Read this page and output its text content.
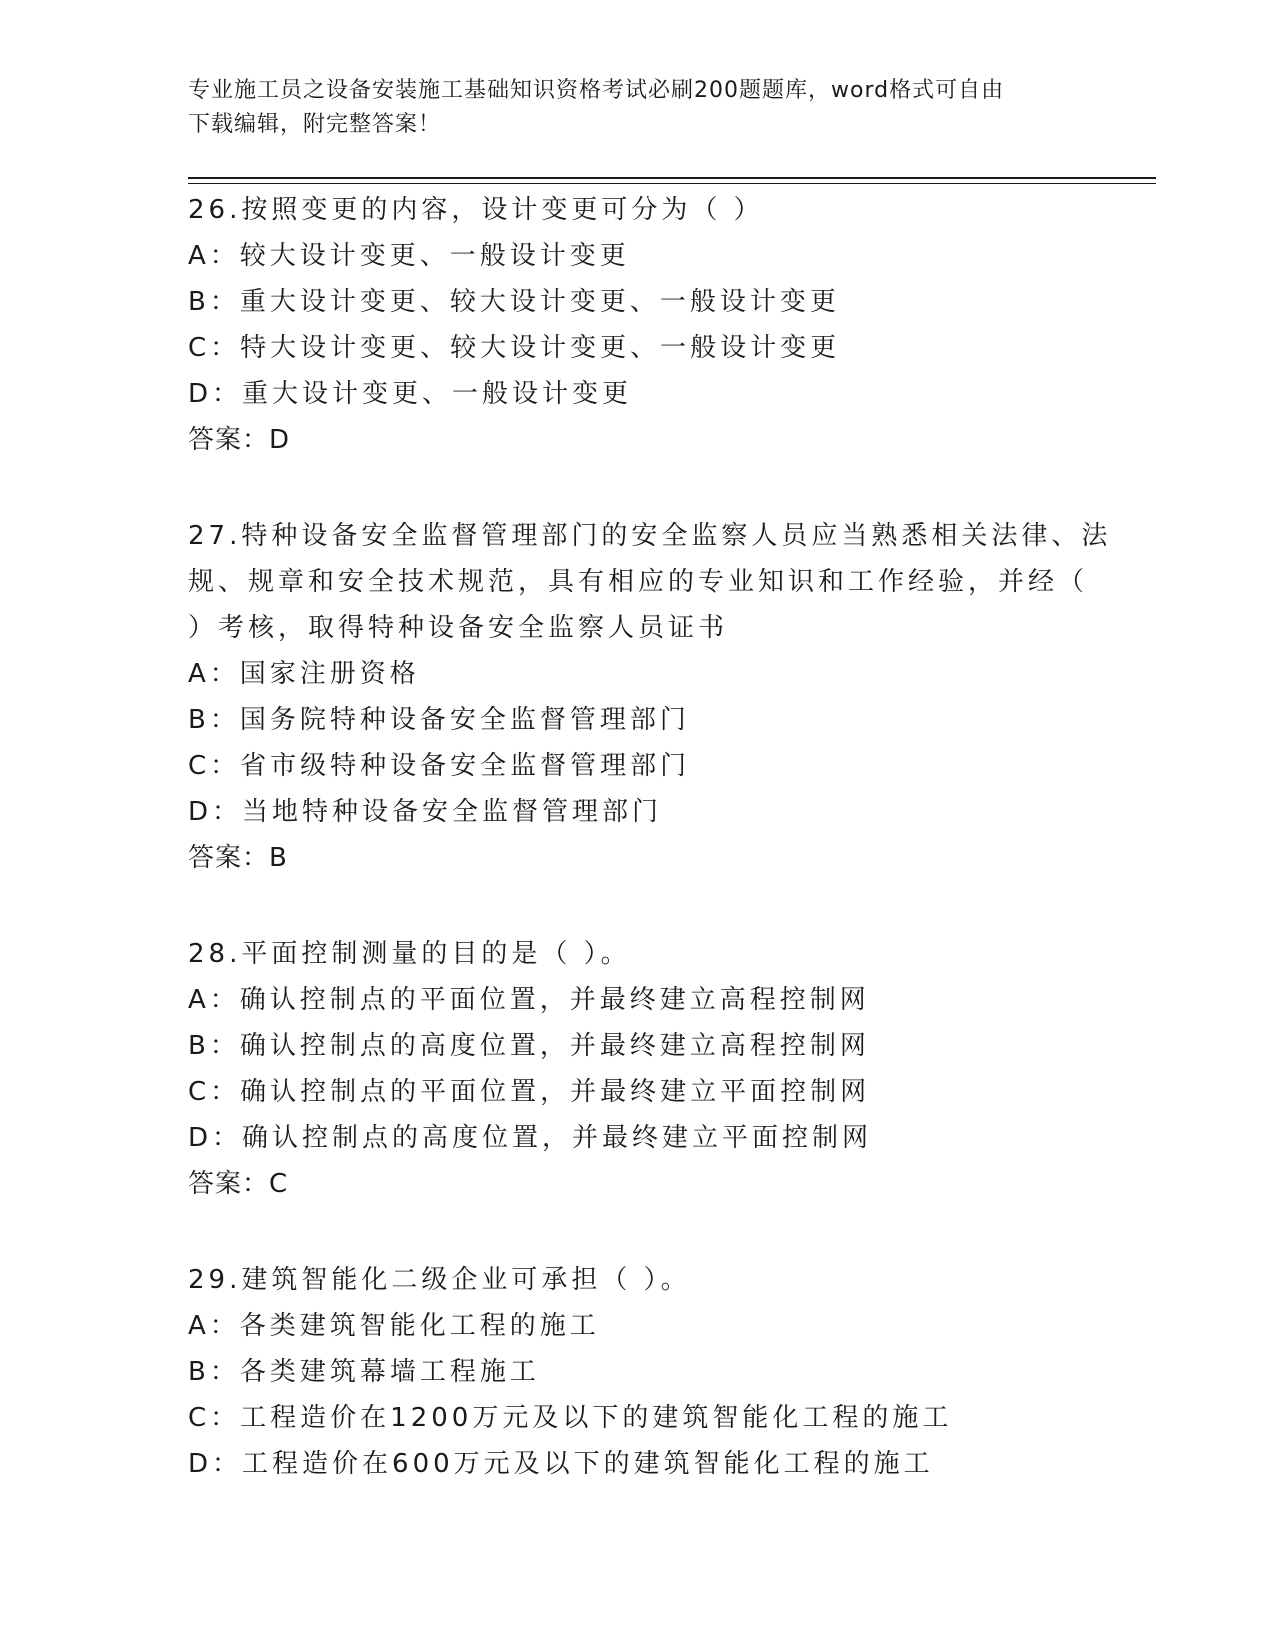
专业施工员之设备安装施工基础知识资格考试必刷200题题库，word格式可自由
下载编辑，附完整答案！
26.按照变更的内容，设计变更可分为（ ）
A：较大设计变更、一般设计变更
B：重大设计变更、较大设计变更、一般设计变更
C：特大设计变更、较大设计变更、一般设计变更
D：重大设计变更、一般设计变更
答案：D
27.特种设备安全监督管理部门的安全监察人员应当熟悉相关法律、法
规、规章和安全技术规范，具有相应的专业知识和工作经验，并经（
）考核，取得特种设备安全监察人员证书
A：国家注册资格
B：国务院特种设备安全监督管理部门
C：省市级特种设备安全监督管理部门
D：当地特种设备安全监督管理部门
答案：B
28.平面控制测量的目的是（ ）。
A：确认控制点的平面位置，并最终建立高程控制网
B：确认控制点的高度位置，并最终建立高程控制网
C：确认控制点的平面位置，并最终建立平面控制网
D：确认控制点的高度位置，并最终建立平面控制网
答案：C
29.建筑智能化二级企业可承担（ ）。
A：各类建筑智能化工程的施工
B：各类建筑幕墙工程施工
C：工程造价在1200万元及以下的建筑智能化工程的施工
D：工程造价在600万元及以下的建筑智能化工程的施工
